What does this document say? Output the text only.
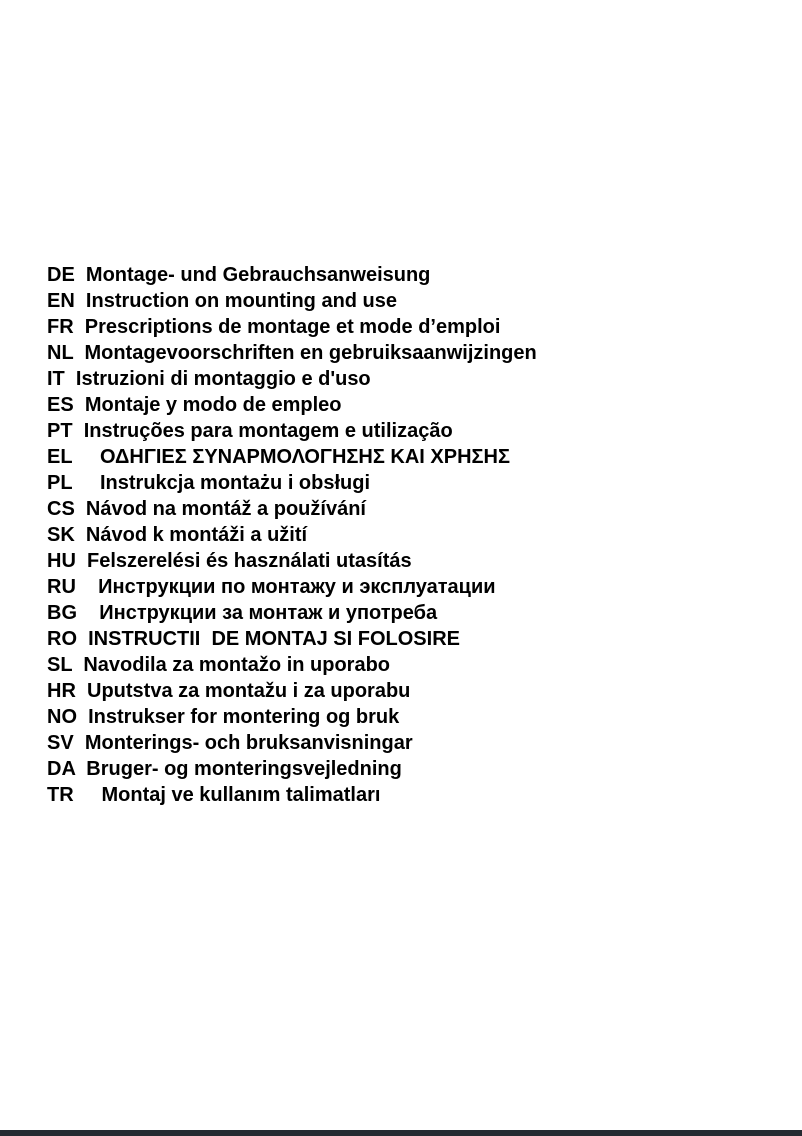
DE Montage- und Gebrauchsanweisung
EN Instruction on mounting and use
FR Prescriptions de montage et mode d’emploi
NL Montagevoorschriften en gebruiksaanwijzingen
IT Istruzioni di montaggio e d'uso
ES Montaje y modo de empleo
PT Instruções para montagem e utilização
EL ΟΔΗΓΙΕΣ ΣΥΝΑΡΜΟΛΟΓΗΣΗΣ ΚΑΙ ΧΡΗΣΗΣ
PL Instrukcja montażu i obsługi
CS Návod na montáž a používání
SK Návod k montáži a užití
HU Felszerelési és használati utasítás
RU Инструкции по монтажу и эксплуатации
BG Инструкции за монтаж и употреба
RO INSTRUCTII  DE MONTAJ SI FOLOSIRE
SL Navodila za montažo in uporabo
HR Uputstva za montažu i za uporabu
NO Instrukser for montering og bruk
SV Monterings- och bruksanvisningar
DA Bruger- og monteringsvejledning
TR Montaj ve kullanım talimatları
